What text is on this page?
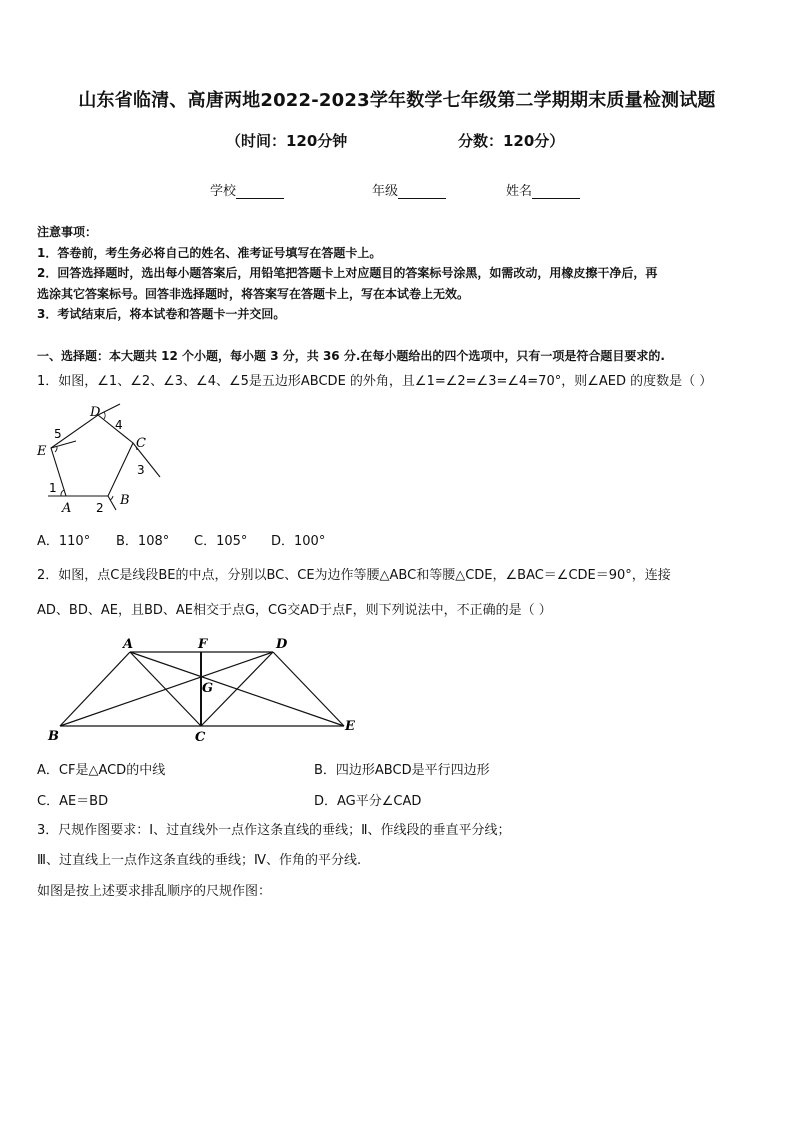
山东省临清、高唐两地2022-2023学年数学七年级第二学期期末质量检测试题
（时间：120分钟	分数：120分）
学校	年级	姓名
注意事项：
1．答卷前，考生务必将自己的姓名、准考证号填写在答题卡上。
2．回答选择题时，选出每小题答案后，用铅笔把答题卡上对应题目的答案标号涂黑，如需改动，用橡皮擦干净后，再
选涂其它答案标号。回答非选择题时，将答案写在答题卡上，写在本试卷上无效。
3．考试结束后，将本试卷和答题卡一并交回。
一、选择题：本大题共 12 个小题，每小题 3 分，共 36 分.在每小题给出的四个选项中，只有一项是符合题目要求的.
1．如图，∠1、∠2、∠3、∠4、∠5是五边形ABCDE 的外角，且∠1=∠2=∠3=∠4=70°，则∠AED 的度数是（ ）
A
B
C
D
E
1
2
3
4
5
A．110° B．108° C．105° D．100°
2．如图，点C是线段BE的中点，分别以BC、CE为边作等腰△ABC和等腰△CDE，∠BAC＝∠CDE＝90°，连接
AD、BD、AE，且BD、AE相交于点G，CG交AD于点F，则下列说法中，不正确的是（ ）
A	F	D
G
B	C
E
A．CF是△ACD的中线	B．四边形ABCD是平行四边形
C．AE＝BD	D．AG平分∠CAD
3．尺规作图要求：Ⅰ、过直线外一点作这条直线的垂线；Ⅱ、作线段的垂直平分线；
Ⅲ、过直线上一点作这条直线的垂线；Ⅳ、作角的平分线.
如图是按上述要求排乱顺序的尺规作图：
